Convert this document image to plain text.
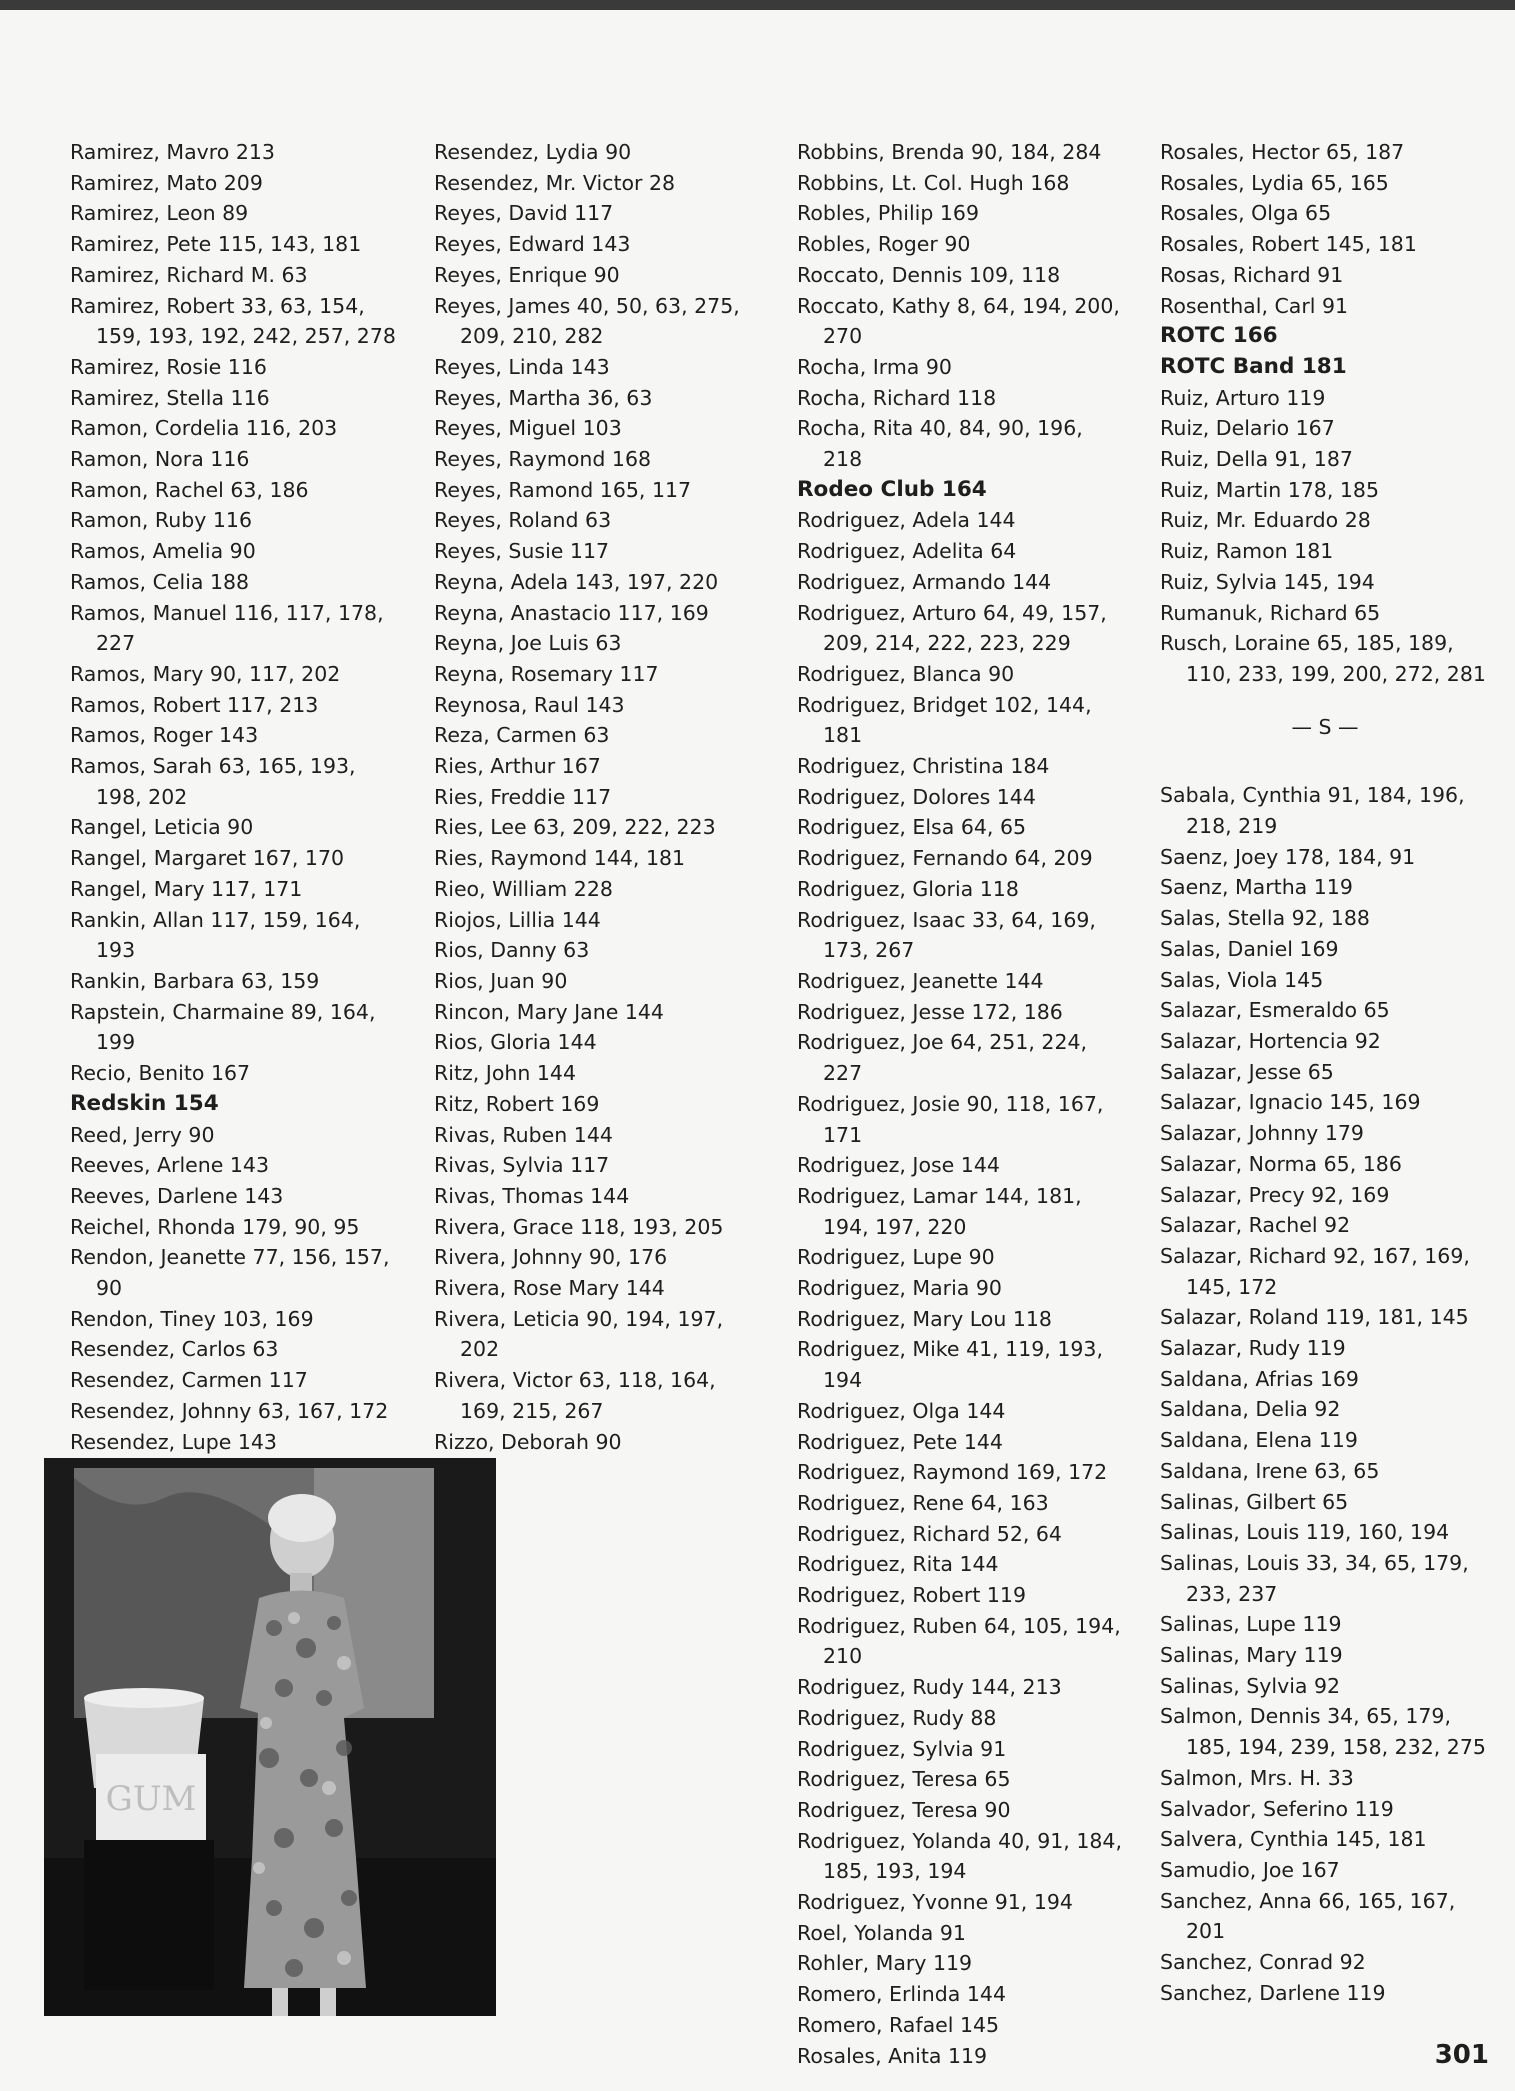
Ramirez, Mavro 213
Ramirez, Mato 209
Ramirez, Leon 89
Ramirez, Pete 115, 143, 181
Ramirez, Richard M. 63
Ramirez, Robert 33, 63, 154, 159, 193, 192, 242, 257, 278
Ramirez, Rosie 116
Ramirez, Stella 116
Ramon, Cordelia 116, 203
Ramon, Nora 116
Ramon, Rachel 63, 186
Ramon, Ruby 116
Ramos, Amelia 90
Ramos, Celia 188
Ramos, Manuel 116, 117, 178, 227
Ramos, Mary 90, 117, 202
Ramos, Robert 117, 213
Ramos, Roger 143
Ramos, Sarah 63, 165, 193, 198, 202
Rangel, Leticia 90
Rangel, Margaret 167, 170
Rangel, Mary 117, 171
Rankin, Allan 117, 159, 164, 193
Rankin, Barbara 63, 159
Rapstein, Charmaine 89, 164, 199
Recio, Benito 167
Redskin 154
Reed, Jerry 90
Reeves, Arlene 143
Reeves, Darlene 143
Reichel, Rhonda 179, 90, 95
Rendon, Jeanette 77, 156, 157, 90
Rendon, Tiney 103, 169
Resendez, Carlos 63
Resendez, Carmen 117
Resendez, Johnny 63, 167, 172
Resendez, Lupe 143
Resendez, Lydia 90
Resendez, Mr. Victor 28
Reyes, David 117
Reyes, Edward 143
Reyes, Enrique 90
Reyes, James 40, 50, 63, 275, 209, 210, 282
Reyes, Linda 143
Reyes, Martha 36, 63
Reyes, Miguel 103
Reyes, Raymond 168
Reyes, Ramond 165, 117
Reyes, Roland 63
Reyes, Susie 117
Reyna, Adela 143, 197, 220
Reyna, Anastacio 117, 169
Reyna, Joe Luis 63
Reyna, Rosemary 117
Reynosa, Raul 143
Reza, Carmen 63
Ries, Arthur 167
Ries, Freddie 117
Ries, Lee 63, 209, 222, 223
Ries, Raymond 144, 181
Rieo, William 228
Riojos, Lillia 144
Rios, Danny 63
Rios, Juan 90
Rincon, Mary Jane 144
Rios, Gloria 144
Ritz, John 144
Ritz, Robert 169
Rivas, Ruben 144
Rivas, Sylvia 117
Rivas, Thomas 144
Rivera, Grace 118, 193, 205
Rivera, Johnny 90, 176
Rivera, Rose Mary 144
Rivera, Leticia 90, 194, 197, 202
Rivera, Victor 63, 118, 164, 169, 215, 267
Rizzo, Deborah 90
Robbins, Brenda 90, 184, 284
Robbins, Lt. Col. Hugh 168
Robles, Philip 169
Robles, Roger 90
Roccato, Dennis 109, 118
Roccato, Kathy 8, 64, 194, 200, 270
Rocha, Irma 90
Rocha, Richard 118
Rocha, Rita 40, 84, 90, 196, 218
Rodeo Club 164
Rodriguez, Adela 144
Rodriguez, Adelita 64
Rodriguez, Armando 144
Rodriguez, Arturo 64, 49, 157, 209, 214, 222, 223, 229
Rodriguez, Blanca 90
Rodriguez, Bridget 102, 144, 181
Rodriguez, Christina 184
Rodriguez, Dolores 144
Rodriguez, Elsa 64, 65
Rodriguez, Fernando 64, 209
Rodriguez, Gloria 118
Rodriguez, Isaac 33, 64, 169, 173, 267
Rodriguez, Jeanette 144
Rodriguez, Jesse 172, 186
Rodriguez, Joe 64, 251, 224, 227
Rodriguez, Josie 90, 118, 167, 171
Rodriguez, Jose 144
Rodriguez, Lamar 144, 181, 194, 197, 220
Rodriguez, Lupe 90
Rodriguez, Maria 90
Rodriguez, Mary Lou 118
Rodriguez, Mike 41, 119, 193, 194
Rodriguez, Olga 144
Rodriguez, Pete 144
Rodriguez, Raymond 169, 172
Rodriguez, Rene 64, 163
Rodriguez, Richard 52, 64
Rodriguez, Rita 144
Rodriguez, Robert 119
Rodriguez, Ruben 64, 105, 194, 210
Rodriguez, Rudy 144, 213
Rodriguez, Rudy 88
Rodriguez, Sylvia 91
Rodriguez, Teresa 65
Rodriguez, Teresa 90
Rodriguez, Yolanda 40, 91, 184, 185, 193, 194
Rodriguez, Yvonne 91, 194
Roel, Yolanda 91
Rohler, Mary 119
Romero, Erlinda 144
Romero, Rafael 145
Rosales, Anita 119
Rosales, Hector 65, 187
Rosales, Lydia 65, 165
Rosales, Olga 65
Rosales, Robert 145, 181
Rosas, Richard 91
Rosenthal, Carl 91
ROTC 166
ROTC Band 181
Ruiz, Arturo 119
Ruiz, Delario 167
Ruiz, Della 91, 187
Ruiz, Martin 178, 185
Ruiz, Mr. Eduardo 28
Ruiz, Ramon 181
Ruiz, Sylvia 145, 194
Rumanuk, Richard 65
Rusch, Loraine 65, 185, 189, 110, 233, 199, 200, 272, 281
— S —
Sabala, Cynthia 91, 184, 196, 218, 219
Saenz, Joey 178, 184, 91
Saenz, Martha 119
Salas, Stella 92, 188
Salas, Daniel 169
Salas, Viola 145
Salazar, Esmeraldo 65
Salazar, Hortencia 92
Salazar, Jesse 65
Salazar, Ignacio 145, 169
Salazar, Johnny 179
Salazar, Norma 65, 186
Salazar, Precy 92, 169
Salazar, Rachel 92
Salazar, Richard 92, 167, 169, 145, 172
Salazar, Roland 119, 181, 145
Salazar, Rudy 119
Saldana, Afrias 169
Saldana, Delia 92
Saldana, Elena 119
Saldana, Irene 63, 65
Salinas, Gilbert 65
Salinas, Louis 119, 160, 194
Salinas, Louis 33, 34, 65, 179, 233, 237
Salinas, Lupe 119
Salinas, Mary 119
Salinas, Sylvia 92
Salmon, Dennis 34, 65, 179, 185, 194, 239, 158, 232, 275
Salmon, Mrs. H. 33
Salvador, Seferino 119
Salvera, Cynthia 145, 181
Samudio, Joe 167
Sanchez, Anna 66, 165, 167, 201
Sanchez, Conrad 92
Sanchez, Darlene 119
GUM
301
